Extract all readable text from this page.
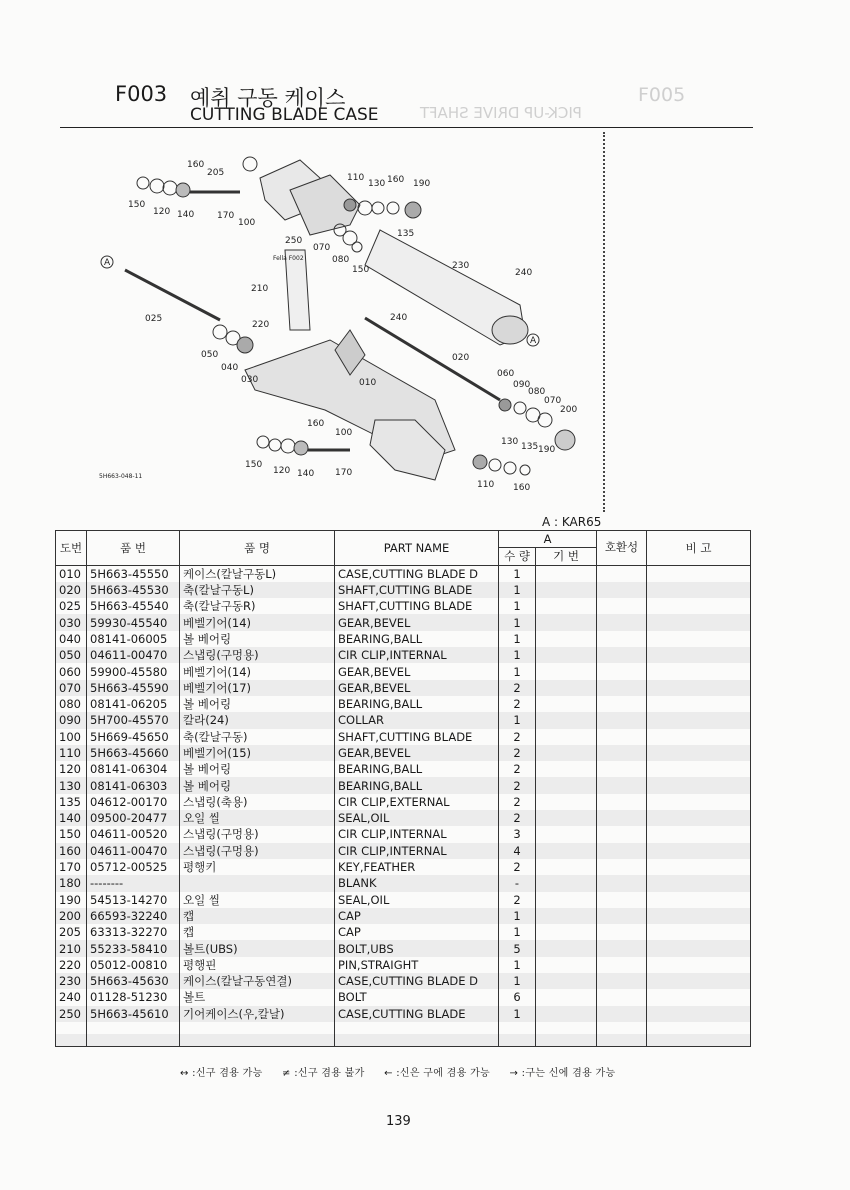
F005
PICK-UP DRIVE SHAFT
F003 예취 구동 케이스
CUTTING BLADE CASE
160
205
150
120 140	170
100
110
130 160 190
135
250
070
080
150	230
240
025
210
220
240
050
040
030	010
020
060
090
080
070
200
160
100
130 135 190
150
120 140 170
110 160
A
A
Fella F002
5H663-048-11
A : KAR65
도번	품 번	품 명	PART NAME	A		호환성	비 고
				수 량	기 번		
010	5H663-45550	케이스(칼날구동L)	CASE,CUTTING BLADE D	1			
020	5H663-45530	축(칼날구동L)	SHAFT,CUTTING BLADE	1			
025	5H663-45540	축(칼날구동R)	SHAFT,CUTTING BLADE	1			
030	59930-45540	베벨기어(14)	GEAR,BEVEL	1			
040	08141-06005	볼 베어링	BEARING,BALL	1			
050	04611-00470	스냅링(구멍용)	CIR CLIP,INTERNAL	1			
060	59900-45580	베벨기어(14)	GEAR,BEVEL	1			
070	5H663-45590	베벨기어(17)	GEAR,BEVEL	2			
080	08141-06205	볼 베어링	BEARING,BALL	2			
090	5H700-45570	칼라(24)	COLLAR	1			
100	5H669-45650	축(칼날구동)	SHAFT,CUTTING BLADE	2			
110	5H663-45660	베벨기어(15)	GEAR,BEVEL	2			
120	08141-06304	볼 베어링	BEARING,BALL	2			
130	08141-06303	볼 베어링	BEARING,BALL	2			
135	04612-00170	스냅링(축용)	CIR CLIP,EXTERNAL	2			
140	09500-20477	오일 씰	SEAL,OIL	2			
150	04611-00520	스냅링(구멍용)	CIR CLIP,INTERNAL	3			
160	04611-00470	스냅링(구멍용)	CIR CLIP,INTERNAL	4			
170	05712-00525	평행키	KEY,FEATHER	2			
180	--------		BLANK	-			
190	54513-14270	오일 씰	SEAL,OIL	2			
200	66593-32240	캡	CAP	1			
205	63313-32270	캡	CAP	1			
210	55233-58410	볼트(UBS)	BOLT,UBS	5			
220	05012-00810	평행핀	PIN,STRAIGHT	1			
230	5H663-45630	케이스(칼날구동연결)	CASE,CUTTING BLADE D	1			
240	01128-51230	볼트	BOLT	6			
250	5H663-45610	기어케이스(우,칼날)	CASE,CUTTING BLADE	1			

↔ :신구 겸용 가능 ≠ :신구 겸용 불가 ← :신은 구에 겸용 가능 → :구는 신에 겸용 가능
139
